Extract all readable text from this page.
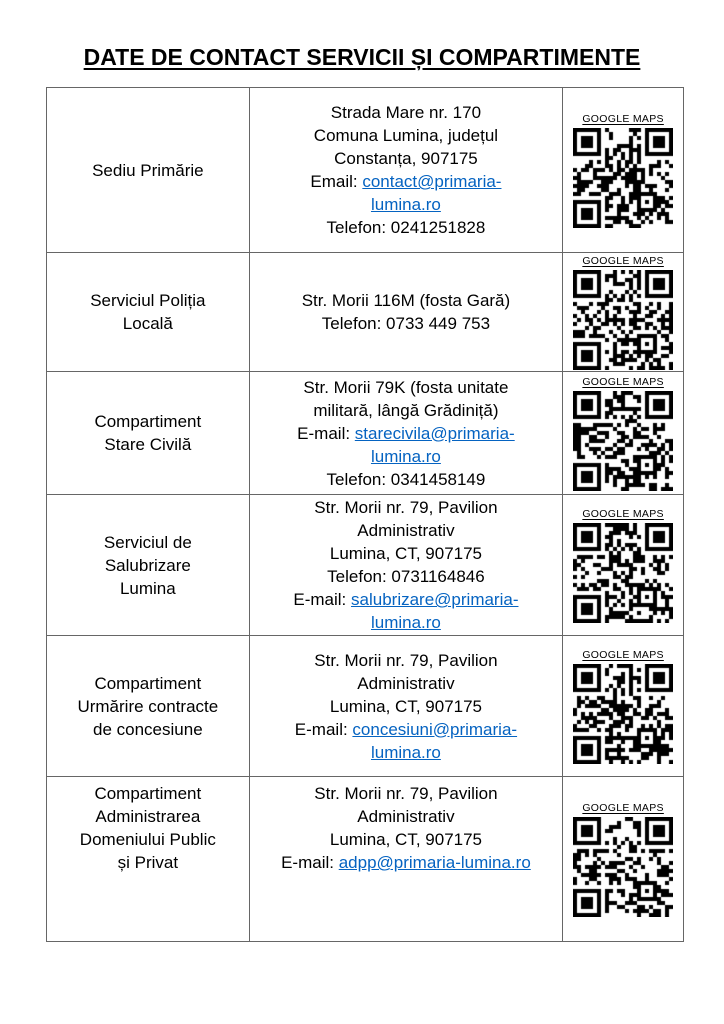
DATE DE CONTACT SERVICII ȘI COMPARTIMENTE
Sediu Primărie
Strada Mare nr. 170
Comuna Lumina, județul
Constanța, 907175
Email: contact@primaria-
lumina.ro
Telefon: 0241251828
GOOGLE MAPS
Serviciul Poliția
Locală
Str. Morii 116M (fosta Gară)
Telefon: 0733 449 753
GOOGLE MAPS
Compartiment
Stare Civilă
Str. Morii 79K (fosta unitate
militară, lângă Grădiniță)
E-mail: starecivila@primaria-
lumina.ro
Telefon: 0341458149
GOOGLE MAPS
Serviciul de
Salubrizare
Lumina
Str. Morii nr. 79, Pavilion
Administrativ
Lumina, CT, 907175
Telefon: 0731164846
E-mail: salubrizare@primaria-
lumina.ro
GOOGLE MAPS
Compartiment
Urmărire contracte
de concesiune
Str. Morii nr. 79, Pavilion
Administrativ
Lumina, CT, 907175
E-mail: concesiuni@primaria-
lumina.ro
GOOGLE MAPS
Compartiment
Administrarea
Domeniului Public
și Privat
Str. Morii nr. 79, Pavilion
Administrativ
Lumina, CT, 907175
E-mail: adpp@primaria-lumina.ro
GOOGLE MAPS
